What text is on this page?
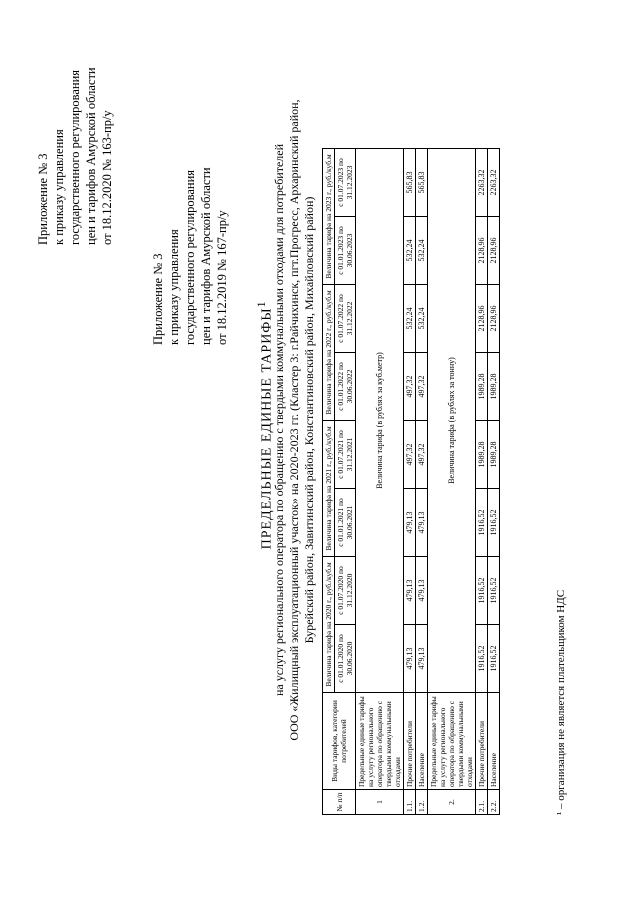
Приложение № 3 к приказу управления государственного регулирования цен и тарифов Амурской области от 18.12.2020 № 163-пр/у
Приложение № 3 к приказу управления государственного регулирования цен и тарифов Амурской области от 18.12.2019 № 167-пр/у
ПРЕДЕЛЬНЫЕ ЕДИНЫЕ ТАРИФЫ$^1$ на услугу регионального оператора по обращению с твердыми коммунальными отходами для потребителей ООО «Жилищный эксплуатационный участок» на 2020-2023 гг. (Кластер 3: г.Райчихинск, пгт.Прогресс, Архаринский район, Бурейский район, Завитинский район, Константиновский район, Михайловский район)
№ п/п	Виды тарифов, категории потребителей	Величина тарифа на 2020 г., руб./куб.м		Величина тарифа на 2021 г., руб./куб.м		Величина тарифа на 2022 г., руб./куб.м		Величина тарифа на 2023 г., руб./куб.м	
		с 01.01.2020 по 30.06.2020	с 01.07.2020 по 31.12.2020	с 01.01.2021 по 30.06.2021	с 01.07.2021 по 31.12.2021	с 01.01.2022 по 30.06.2022	с 01.07.2022 по 31.12.2022	с 01.01.2023 по 30.06.2023	с 01.07.2023 по 31.12.2023
1	Предельные единые тарифы на услугу регионального оператора по обращению с твердыми коммунальными отходами	Величина тарифа (в рублях за куб.метр)							
1.1.	Прочие потребители	479,13	479,13	479,13	497,32	497,32	532,24	532,24	565,83
1.2.	Население	479,13	479,13	479,13	497,32	497,32	532,24	532,24	565,83
2.	Предельные единые тарифы на услугу регионального оператора по обращению с твердыми коммунальными отходами	Величина тарифа (в рублях за тонну)							
2.1.	Прочие потребители	1916,52	1916,52	1916,52	1989,28	1989,28	2128,96	2128,96	2263,32
2.2.	Население	1916,52	1916,52	1916,52	1989,28	1989,28	2128,96	2128,96	2263,32
¹ – организация не является плательщиком НДС
